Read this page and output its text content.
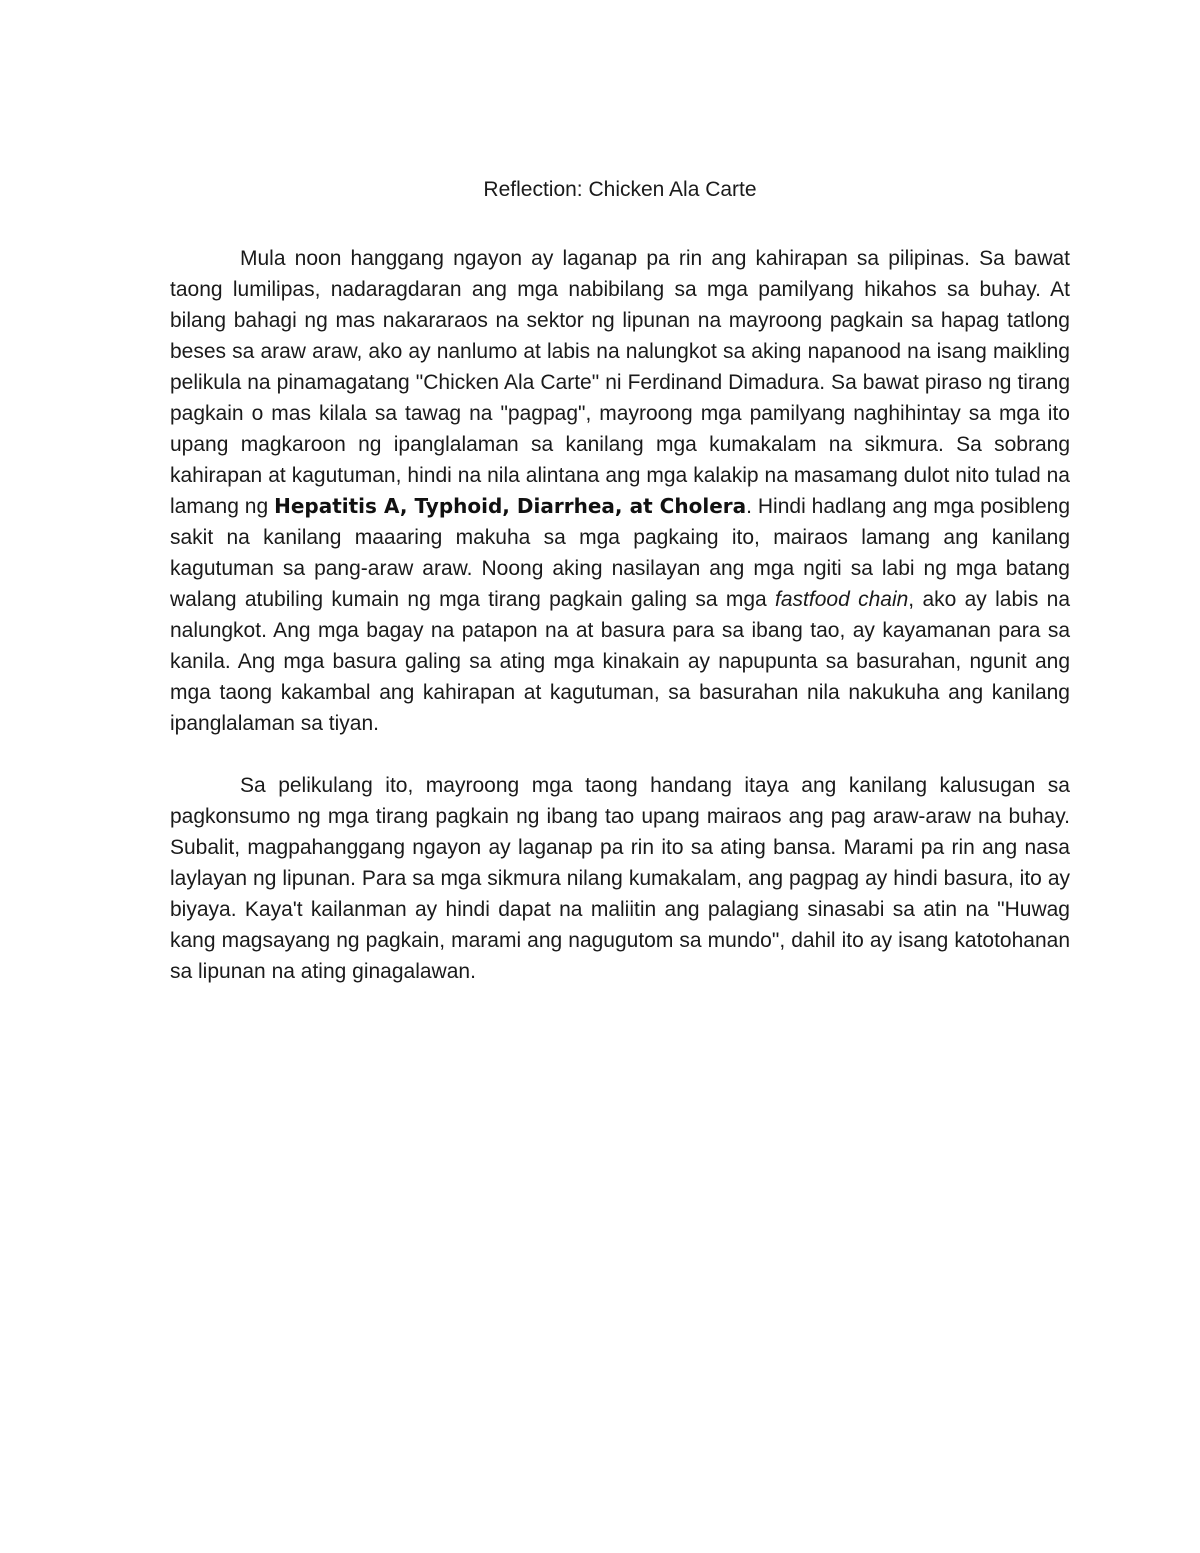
Reflection: Chicken Ala Carte

Mula noon hanggang ngayon ay laganap pa rin ang kahirapan sa pilipinas. Sa bawat taong lumilipas, nadaragdaran ang mga nabibilang sa mga pamilyang hikahos sa buhay. At bilang bahagi ng mas nakararaos na sektor ng lipunan na mayroong pagkain sa hapag tatlong beses sa araw araw, ako ay nanlumo at labis na nalungkot sa aking napanood na isang maikling pelikula na pinamagatang "Chicken Ala Carte" ni Ferdinand Dimadura. Sa bawat piraso ng tirang pagkain o mas kilala sa tawag na "pagpag", mayroong mga pamilyang naghihintay sa mga ito upang magkaroon ng ipanglalaman sa kanilang mga kumakalam na sikmura. Sa sobrang kahirapan at kagutuman, hindi na nila alintana ang mga kalakip na masamang dulot nito tulad na lamang ng Hepatitis A, Typhoid, Diarrhea, at Cholera. Hindi hadlang ang mga posibleng sakit na kanilang maaaring makuha sa mga pagkaing ito, mairaos lamang ang kanilang kagutuman sa pang-araw araw. Noong aking nasilayan ang mga ngiti sa labi ng mga batang walang atubiling kumain ng mga tirang pagkain galing sa mga fastfood chain, ako ay labis na nalungkot. Ang mga bagay na patapon na at basura para sa ibang tao, ay kayamanan para sa kanila. Ang mga basura galing sa ating mga kinakain ay napupunta sa basurahan, ngunit ang mga taong kakambal ang kahirapan at kagutuman, sa basurahan nila nakukuha ang kanilang ipanglalaman sa tiyan.

Sa pelikulang ito, mayroong mga taong handang itaya ang kanilang kalusugan sa pagkonsumo ng mga tirang pagkain ng ibang tao upang mairaos ang pag araw-araw na buhay. Subalit, magpahanggang ngayon ay laganap pa rin ito sa ating bansa. Marami pa rin ang nasa laylayan ng lipunan. Para sa mga sikmura nilang kumakalam, ang pagpag ay hindi basura, ito ay biyaya. Kaya't kailanman ay hindi dapat na maliitin ang palagiang sinasabi sa atin na "Huwag kang magsayang ng pagkain, marami ang nagugutom sa mundo", dahil ito ay isang katotohanan sa lipunan na ating ginagalawan.
